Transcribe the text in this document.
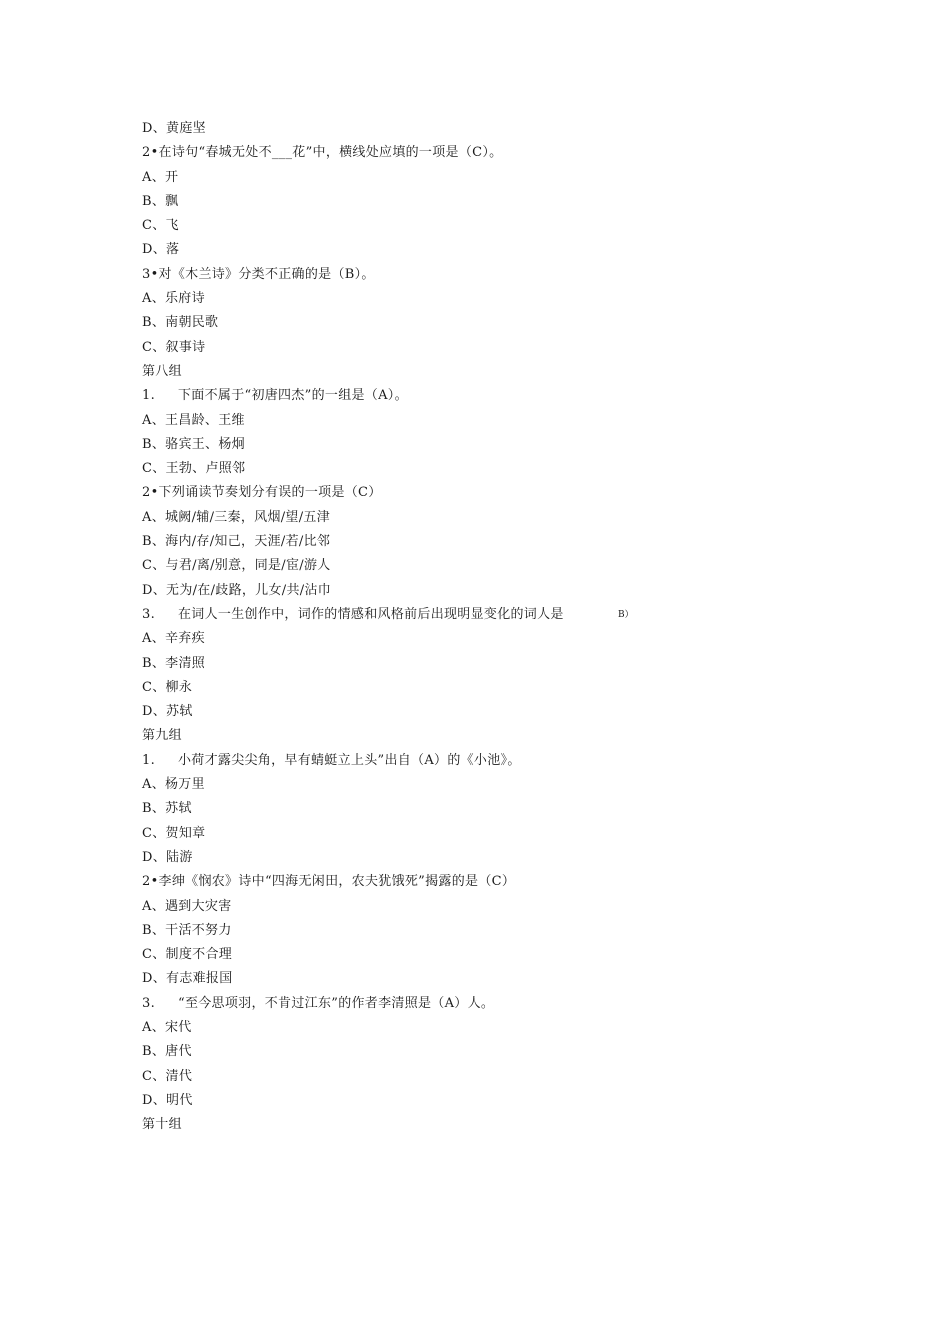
D、黄庭坚
2•在诗句“春城无处不___花”中，横线处应填的一项是（C）。
A、开
B、飘
C、飞
D、落
3•对《木兰诗》分类不正确的是（B）。
A、乐府诗
B、南朝民歌
C、叙事诗
第八组
1. 下面不属于“初唐四杰”的一组是（A）。
A、王昌龄、王维
B、骆宾王、杨炯
C、王勃、卢照邻
2•下列诵读节奏划分有误的一项是（C）
A、城阙/辅/三秦，风烟/望/五津
B、海内/存/知己，天涯/若/比邻
C、与君/离/别意，同是/宦/游人
D、无为/在/歧路，儿女/共/沾巾
3. 在词人一生创作中，词作的情感和风格前后出现明显变化的词人是	B）
A、辛弃疾
B、李清照
C、柳永
D、苏轼
第九组
1. 小荷才露尖尖角，早有蜻蜓立上头”出自（A）的《小池》。
A、杨万里
B、苏轼
C、贺知章
D、陆游
2•李绅《悯农》诗中“四海无闲田，农夫犹饿死”揭露的是（C）
A、遇到大灾害
B、干活不努力
C、制度不合理
D、有志难报国
3. “至今思项羽，不肯过江东”的作者李清照是（A）人。
A、宋代
B、唐代
C、清代
D、明代
第十组
